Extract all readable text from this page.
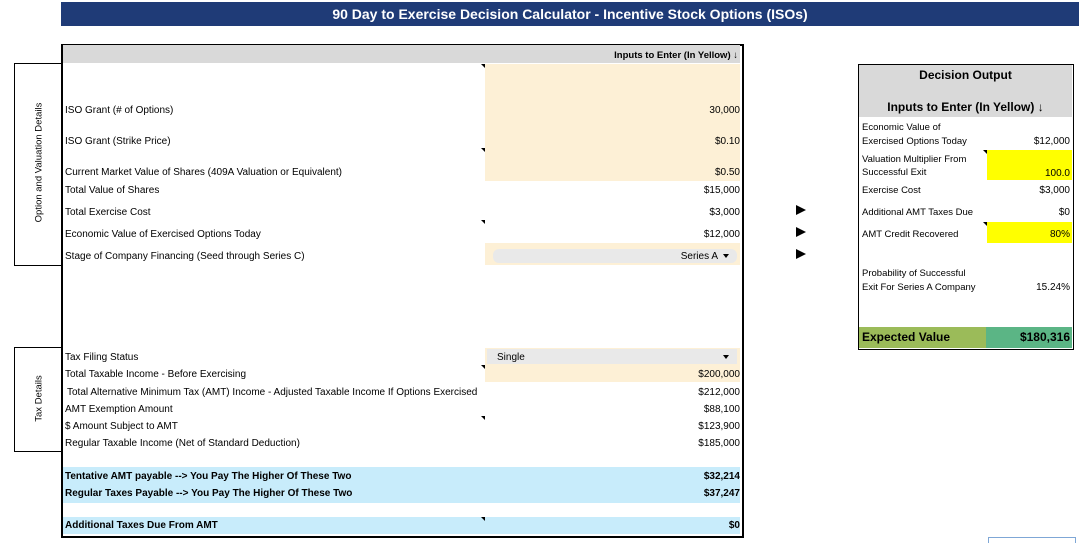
90 Day to Exercise Decision Calculator - Incentive Stock Options (ISOs)
Inputs to Enter (In Yellow) ↓
Option and Valuation Details
Tax Details
ISO Grant (# of Options)	30,000
ISO Grant (Strike Price)	$0.10
Current Market Value of Shares (409A Valuation or Equivalent)	$0.50
Total Value of Shares	$15,000
Total Exercise Cost	$3,000
Economic Value of Exercised Options Today	$12,000
Stage of Company Financing (Seed through Series C)	Series A
Tax Filing Status	Single
Total Taxable Income - Before Exercising	$200,000
Total Alternative Minimum Tax (AMT) Income - Adjusted Taxable Income If Options Exercised	$212,000
AMT Exemption Amount	$88,100
$ Amount Subject to AMT	$123,900
Regular Taxable Income (Net of Standard Deduction)	$185,000
Tentative AMT payable --> You Pay The Higher Of These Two	$32,214
Regular Taxes Payable --> You Pay The Higher Of These Two	$37,247
Additional Taxes Due From AMT	$0
Decision Output
Inputs to Enter (In Yellow) ↓
Economic Value of
Exercised Options Today	$12,000
Valuation Multiplier From
Successful Exit	100.0
Exercise Cost	$3,000
Additional AMT Taxes Due	$0
AMT Credit Recovered	80%
Probability of Successful
Exit For Series A Company	15.24%
Expected Value	$180,316
